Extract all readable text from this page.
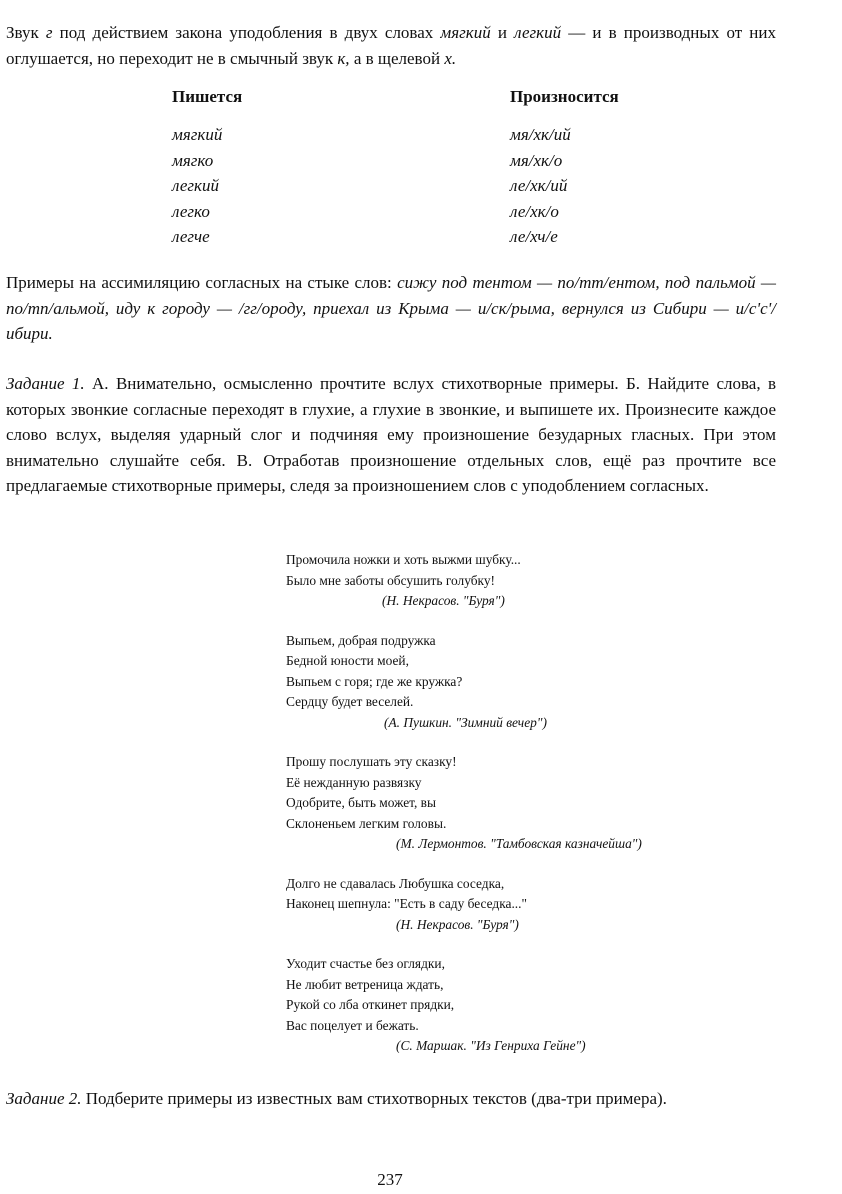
Звук г под действием закона уподобления в двух словах мягкий и легкий — и в производных от них оглушается, но переходит не в смычный звук к, а в щелевой х.

Пишется
мягкий
мягко
легкий
легко
легче
Произносится
мя/хк/ий
мя/хк/о
ле/хк/ий
ле/хк/о
ле/хч/е

Примеры на ассимиляцию согласных на стыке слов: сижу под тентом — по/тт/ентом, под пальмой — по/тп/альмой, иду к городу — /гг/ороду, приехал из Крыма — и/ск/рыма, вернулся из Сибири — и/с'с'/ибири.

Задание 1. А. Внимательно, осмысленно прочтите вслух стихотворные примеры. Б. Найдите слова, в которых звонкие согласные переходят в глухие, а глухие в звонкие, и выпишете их. Произнесите каждое слово вслух, выделяя ударный слог и подчиняя ему произношение безударных гласных. При этом внимательно слушайте себя. В. Отработав произношение отдельных слов, ещё раз прочтите все предлагаемые стихотворные примеры, следя за произношением слов с уподоблением согласных.

Промочила ножки и хоть выжми шубку...
Было мне заботы обсушить голубку!
(Н. Некрасов. "Буря")
Выпьем, добрая подружка
Бедной юности моей,
Выпьем с горя; где же кружка?
Сердцу будет веселей.
(А. Пушкин. "Зимний вечер")
Прошу послушать эту сказку!
Её нежданную развязку
Одобрите, быть может, вы
Склоненьем легким головы.
(М. Лермонтов. "Тамбовская казначейша")
Долго не сдавалась Любушка соседка,
Наконец шепнула: "Есть в саду беседка..."
(Н. Некрасов. "Буря")
Уходит счастье без оглядки,
Не любит ветреница ждать,
Рукой со лба откинет прядки,
Вас поцелует и бежать.
(С. Маршак. "Из Генриха Гейне")

Задание 2. Подберите примеры из известных вам стихотворных текстов (два-три примера).

237
